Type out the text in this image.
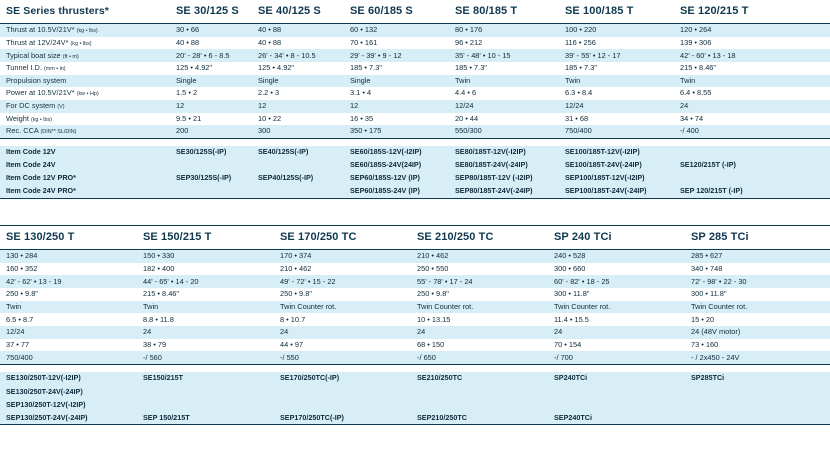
SE Series thrusters*	SE 30/125 S	SE 40/125 S	SE 60/185 S	SE 80/185 T	SE 100/185 T	SE 120/215 T
Thrust at 10.5V/21V* (kg • lbs)	30 • 66	40 • 88	60 • 132	80 • 176	100 • 220	120 • 264
Thrust at 12V/24V* (kg • lbs)	40 • 88	40 • 88	70 • 161	96 • 212	116 • 256	139 • 306
Typical boat size (ft • m)	20' - 28' • 6 - 8.5	26' - 34' • 8 - 10.5	29' - 39' • 9 - 12	35' - 48' • 10 - 15	39' - 55' • 12 - 17	42' - 60' • 13 - 18
Tunnel I.D. (mm • in)	125 • 4.92"	125 • 4.92"	185 • 7.3"	185 • 7.3"	185 • 7.3"	215 • 8.46"
Propulsion system	Single	Single	Single	Twin	Twin	Twin
Power at 10.5V/21V* (kw • Hp)	1.5 • 2	2.2 • 3	3.1 • 4	4.4 • 6	6.3 • 8.4	6.4 • 8.55
For DC system (V)	12	12	12	12/24	12/24	24
Weight (kg • lbs)	9.5 • 21	10 • 22	16 • 35	20 • 44	31 • 68	34 • 74
Rec. CCA (DIN** SL/DIN)	200	300	350 • 175	550/300	750/400	-/ 400

Item Code 12V	SE30/125S(-IP)	SE40/125S(-IP)	SE60/185S-12V(-I2IP)	SE80/185T-12V(-I2IP)	SE100/185T-12V(-I2IP)	
Item Code 24V			SE60/185S-24V(24IP)	SE80/185T-24V(-24IP)	SE100/185T-24V(-24IP)	SE120/215T (-IP)
Item Code 12V PRO*	SEP30/125S(-IP)	SEP40/125S(-IP)	SEP60/185S-12V (IP)	SEP80/185T-12V (-I2IP)	SEP100/185T-12V(-I2IP)	
Item Code 24V PRO*			SEP60/185S-24V (IP)	SEP80/185T-24V(-24IP)	SEP100/185T-24V(-24IP)	SEP 120/215T (-IP)
SE 130/250 T	SE 150/215 T	SE 170/250 TC	SE 210/250 TC	SP 240 TCi	SP 285 TCi
130 • 284	150 • 330	170 • 374	210 • 462	240 • 528	285 • 627
160 • 352	182 • 400	210 • 462	250 • 550	300 • 660	340 • 748
42' - 62' • 13 - 19	44' - 65' • 14 - 20	49' - 72' • 15 - 22	55' - 78' • 17 - 24	60' - 82' • 18 - 25	72' - 98' • 22 - 30
250 • 9.8"	215 • 8.46"	250 • 9.8"	250 • 9.8"	300 • 11.8"	300 • 11.8"
Twin	Twin	Twin Counter rot.	Twin Counter rot.	Twin Counter rot.	Twin Counter rot.
6.5 • 8.7	8.8 • 11.8	8 • 10.7	10 • 13.15	11.4 • 15.5	15 • 20
12/24	24	24	24	24	24 (48V motor)
37 • 77	38 • 79	44 • 97	68 • 150	70 • 154	73 • 160
750/400	-/ 560	-/ 550	-/ 650	-/ 700	- / 2x450 - 24V

SE130/250T-12V(-I2IP)	SE150/215T	SE170/250TC(-IP)	SE210/250TC	SP240TCi	SP285TCi
SE130/250T-24V(-24IP)					
SEP130/250T-12V(-I2IP)					
SEP130/250T-24V(-24IP)	SEP 150/215T	SEP170/250TC(-IP)	SEP210/250TC	SEP240TCi	
